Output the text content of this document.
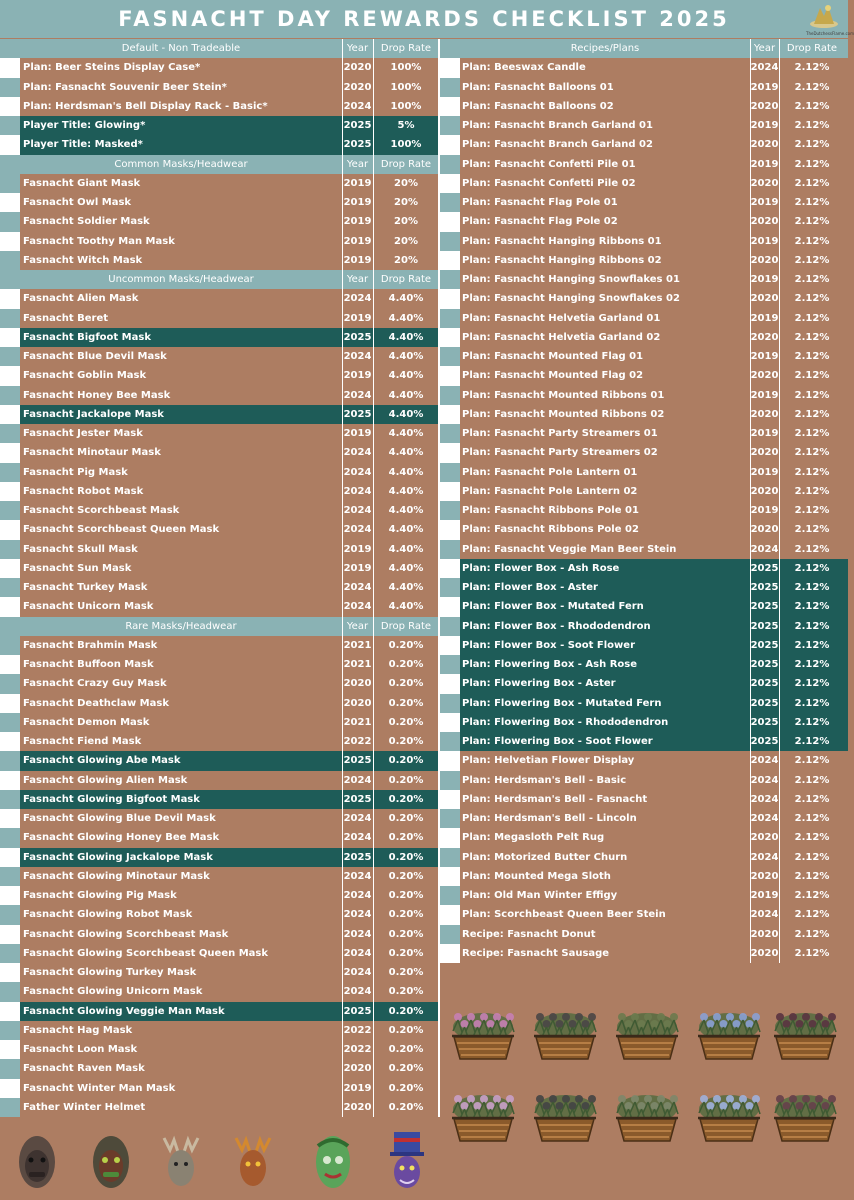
FASNACHT DAY REWARDS CHECKLIST 2025
TheDutchessFlame.com
Default - Non Tradeable	Year	Drop Rate
Plan: Beer Steins Display Case*	2020	100%
Plan: Fasnacht Souvenir Beer Stein*	2020	100%
Plan: Herdsman's Bell Display Rack - Basic*	2024	100%
Player Title: Glowing*	2025	5%
Player Title: Masked*	2025	100%
Common Masks/Headwear	Year	Drop Rate
Fasnacht Giant Mask	2019	20%
Fasnacht Owl Mask	2019	20%
Fasnacht Soldier Mask	2019	20%
Fasnacht Toothy Man Mask	2019	20%
Fasnacht Witch Mask	2019	20%
Uncommon Masks/Headwear	Year	Drop Rate
Fasnacht Alien Mask	2024	4.40%
Fasnacht Beret	2019	4.40%
Fasnacht Bigfoot Mask	2025	4.40%
Fasnacht Blue Devil Mask	2024	4.40%
Fasnacht Goblin Mask	2019	4.40%
Fasnacht Honey Bee Mask	2024	4.40%
Fasnacht Jackalope Mask	2025	4.40%
Fasnacht Jester Mask	2019	4.40%
Fasnacht Minotaur Mask	2024	4.40%
Fasnacht Pig Mask	2024	4.40%
Fasnacht Robot Mask	2024	4.40%
Fasnacht Scorchbeast Mask	2024	4.40%
Fasnacht Scorchbeast Queen Mask	2024	4.40%
Fasnacht Skull Mask	2019	4.40%
Fasnacht Sun Mask	2019	4.40%
Fasnacht Turkey Mask	2024	4.40%
Fasnacht Unicorn Mask	2024	4.40%
Rare Masks/Headwear	Year	Drop Rate
Fasnacht Brahmin Mask	2021	0.20%
Fasnacht Buffoon Mask	2021	0.20%
Fasnacht Crazy Guy Mask	2020	0.20%
Fasnacht Deathclaw Mask	2020	0.20%
Fasnacht Demon Mask	2021	0.20%
Fasnacht Fiend Mask	2022	0.20%
Fasnacht Glowing Abe Mask	2025	0.20%
Fasnacht Glowing Alien Mask	2024	0.20%
Fasnacht Glowing Bigfoot Mask	2025	0.20%
Fasnacht Glowing Blue Devil Mask	2024	0.20%
Fasnacht Glowing Honey Bee Mask	2024	0.20%
Fasnacht Glowing Jackalope Mask	2025	0.20%
Fasnacht Glowing Minotaur Mask	2024	0.20%
Fasnacht Glowing Pig Mask	2024	0.20%
Fasnacht Glowing Robot Mask	2024	0.20%
Fasnacht Glowing Scorchbeast Mask	2024	0.20%
Fasnacht Glowing Scorchbeast Queen Mask	2024	0.20%
Fasnacht Glowing Turkey Mask	2024	0.20%
Fasnacht Glowing Unicorn Mask	2024	0.20%
Fasnacht Glowing Veggie Man Mask	2025	0.20%
Fasnacht Hag Mask	2022	0.20%
Fasnacht Loon Mask	2022	0.20%
Fasnacht Raven Mask	2020	0.20%
Fasnacht Winter Man Mask	2019	0.20%
Father Winter Helmet	2020	0.20%
Recipes/Plans	Year	Drop Rate
Plan: Beeswax Candle	2024	2.12%
Plan: Fasnacht Balloons 01	2019	2.12%
Plan: Fasnacht Balloons 02	2020	2.12%
Plan: Fasnacht Branch Garland 01	2019	2.12%
Plan: Fasnacht Branch Garland 02	2020	2.12%
Plan: Fasnacht Confetti Pile 01	2019	2.12%
Plan: Fasnacht Confetti Pile 02	2020	2.12%
Plan: Fasnacht Flag Pole 01	2019	2.12%
Plan: Fasnacht Flag Pole 02	2020	2.12%
Plan: Fasnacht Hanging Ribbons 01	2019	2.12%
Plan: Fasnacht Hanging Ribbons 02	2020	2.12%
Plan: Fasnacht Hanging Snowflakes 01	2019	2.12%
Plan: Fasnacht Hanging Snowflakes 02	2020	2.12%
Plan: Fasnacht Helvetia Garland 01	2019	2.12%
Plan: Fasnacht Helvetia Garland 02	2020	2.12%
Plan: Fasnacht Mounted Flag 01	2019	2.12%
Plan: Fasnacht Mounted Flag 02	2020	2.12%
Plan: Fasnacht Mounted Ribbons 01	2019	2.12%
Plan: Fasnacht Mounted Ribbons 02	2020	2.12%
Plan: Fasnacht Party Streamers 01	2019	2.12%
Plan: Fasnacht Party Streamers 02	2020	2.12%
Plan: Fasnacht Pole Lantern 01	2019	2.12%
Plan: Fasnacht Pole Lantern 02	2020	2.12%
Plan: Fasnacht Ribbons Pole 01	2019	2.12%
Plan: Fasnacht Ribbons Pole 02	2020	2.12%
Plan: Fasnacht Veggie Man Beer Stein	2024	2.12%
Plan: Flower Box - Ash Rose	2025	2.12%
Plan: Flower Box - Aster	2025	2.12%
Plan: Flower Box - Mutated Fern	2025	2.12%
Plan: Flower Box - Rhododendron	2025	2.12%
Plan: Flower Box - Soot Flower	2025	2.12%
Plan: Flowering Box - Ash Rose	2025	2.12%
Plan: Flowering Box - Aster	2025	2.12%
Plan: Flowering Box - Mutated Fern	2025	2.12%
Plan: Flowering Box - Rhododendron	2025	2.12%
Plan: Flowering Box - Soot Flower	2025	2.12%
Plan: Helvetian Flower Display	2024	2.12%
Plan: Herdsman's Bell - Basic	2024	2.12%
Plan: Herdsman's Bell - Fasnacht	2024	2.12%
Plan: Herdsman's Bell - Lincoln	2024	2.12%
Plan: Megasloth Pelt Rug	2020	2.12%
Plan: Motorized Butter Churn	2024	2.12%
Plan: Mounted Mega Sloth	2020	2.12%
Plan: Old Man Winter Effigy	2019	2.12%
Plan: Scorchbeast Queen Beer Stein	2024	2.12%
Recipe: Fasnacht Donut	2020	2.12%
Recipe: Fasnacht Sausage	2020	2.12%
